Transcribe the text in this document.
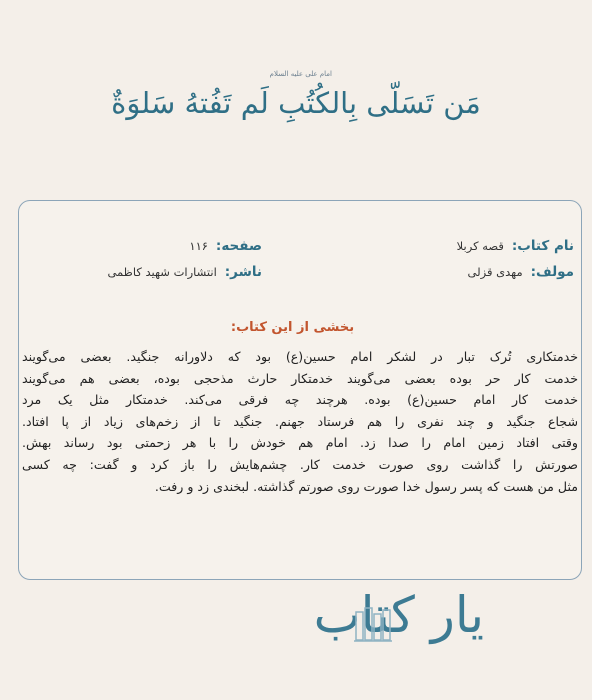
امام علی علیه السلام
مَن تَسَلّی بِالکُتُبِ لَم تَفُتهُ سَلوَةٌ
نام کتاب:قصه کربلا
صفحه:۱۱۶
مولف:مهدی قزلی
ناشر:انتشارات شهید کاظمی
بخشی از این کتاب:
خدمتکاری تُرک تبار در لشکر امام حسین(ع) بود که دلاورانه جنگید. بعضی می‌گویند
خدمت کار حر بوده بعضی می‌گویند خدمتکار حارث مذحجی بوده، بعضی هم می‌گویند
خدمت کار امام حسین(ع) بوده. هرچند چه فرقی می‌کند. خدمتکار مثل یک مرد
شجاع جنگید و چند نفری را هم فرستاد جهنم. جنگید تا از زخم‌های زیاد از پا افتاد.
وقتی افتاد زمین امام را صدا زد. امام هم خودش را با هر زحمتی بود رساند بهش.
صورتش را گذاشت روی صورت خدمت کار. چشم‌هایش را باز کرد و گفت: چه کسی
مثل من هست که پسر رسول خدا صورت روی صورتم گذاشته. لبخندی زد و رفت.
یار کتاب
